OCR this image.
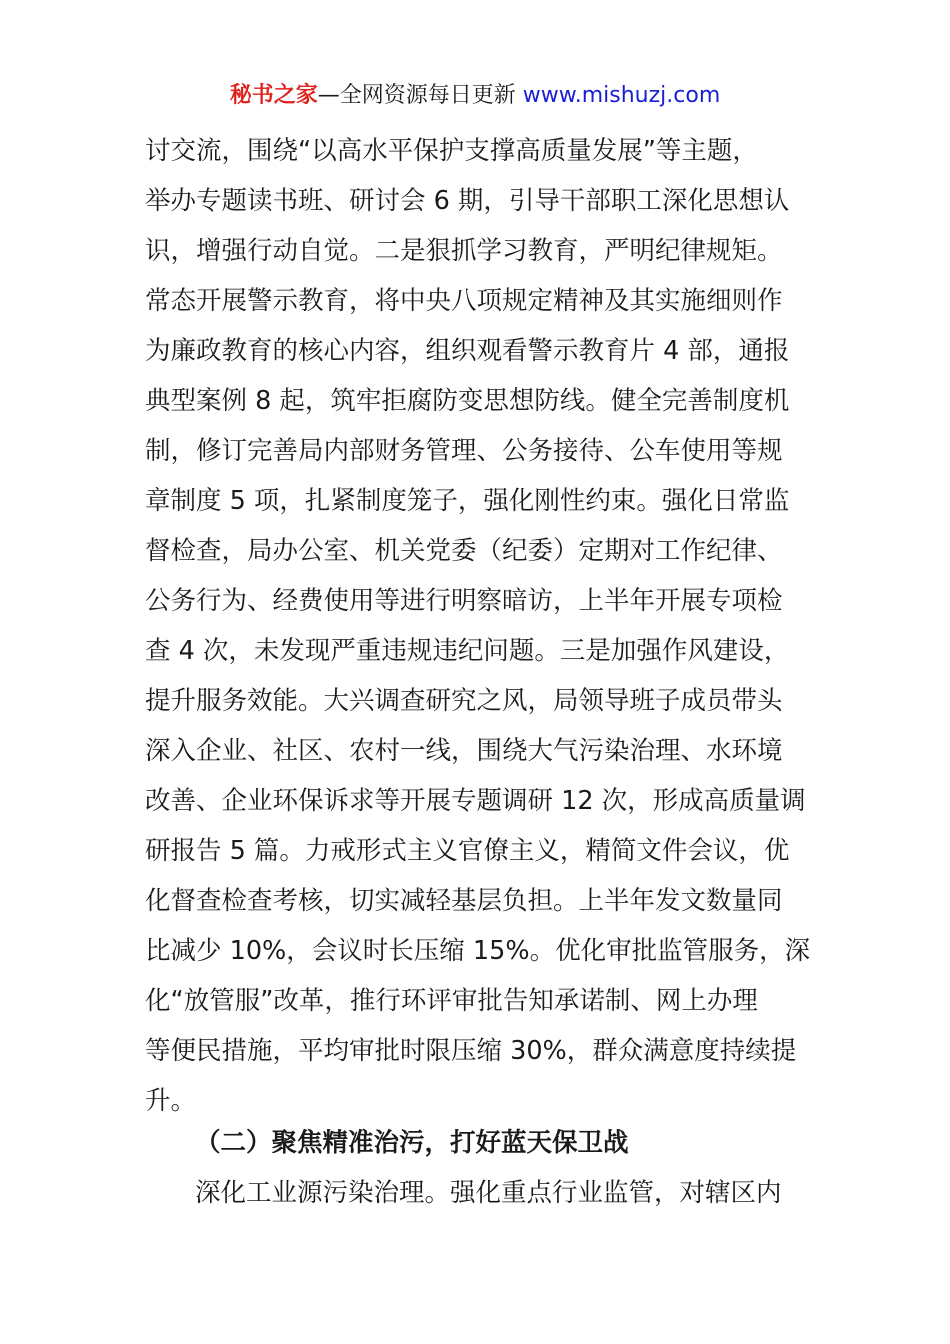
秘书之家—全网资源每日更新 www.mishuzj.com
讨交流，围绕“以高水平保护支撑高质量发展”等主题，
举办专题读书班、研讨会 6 期，引导干部职工深化思想认
识，增强行动自觉。二是狠抓学习教育，严明纪律规矩。
常态开展警示教育，将中央八项规定精神及其实施细则作
为廉政教育的核心内容，组织观看警示教育片 4 部，通报
典型案例 8 起，筑牢拒腐防变思想防线。健全完善制度机
制，修订完善局内部财务管理、公务接待、公车使用等规
章制度 5 项，扎紧制度笼子，强化刚性约束。强化日常监
督检查，局办公室、机关党委（纪委）定期对工作纪律、
公务行为、经费使用等进行明察暗访，上半年开展专项检
查 4 次，未发现严重违规违纪问题。三是加强作风建设，
提升服务效能。大兴调查研究之风，局领导班子成员带头
深入企业、社区、农村一线，围绕大气污染治理、水环境
改善、企业环保诉求等开展专题调研 12 次，形成高质量调
研报告 5 篇。力戒形式主义官僚主义，精简文件会议，优
化督查检查考核，切实减轻基层负担。上半年发文数量同
比减少 10%，会议时长压缩 15%。优化审批监管服务，深
化“放管服”改革，推行环评审批告知承诺制、网上办理
等便民措施，平均审批时限压缩 30%，群众满意度持续提
升。
（二）聚焦精准治污，打好蓝天保卫战

深化工业源污染治理。强化重点行业监管，对辖区内
